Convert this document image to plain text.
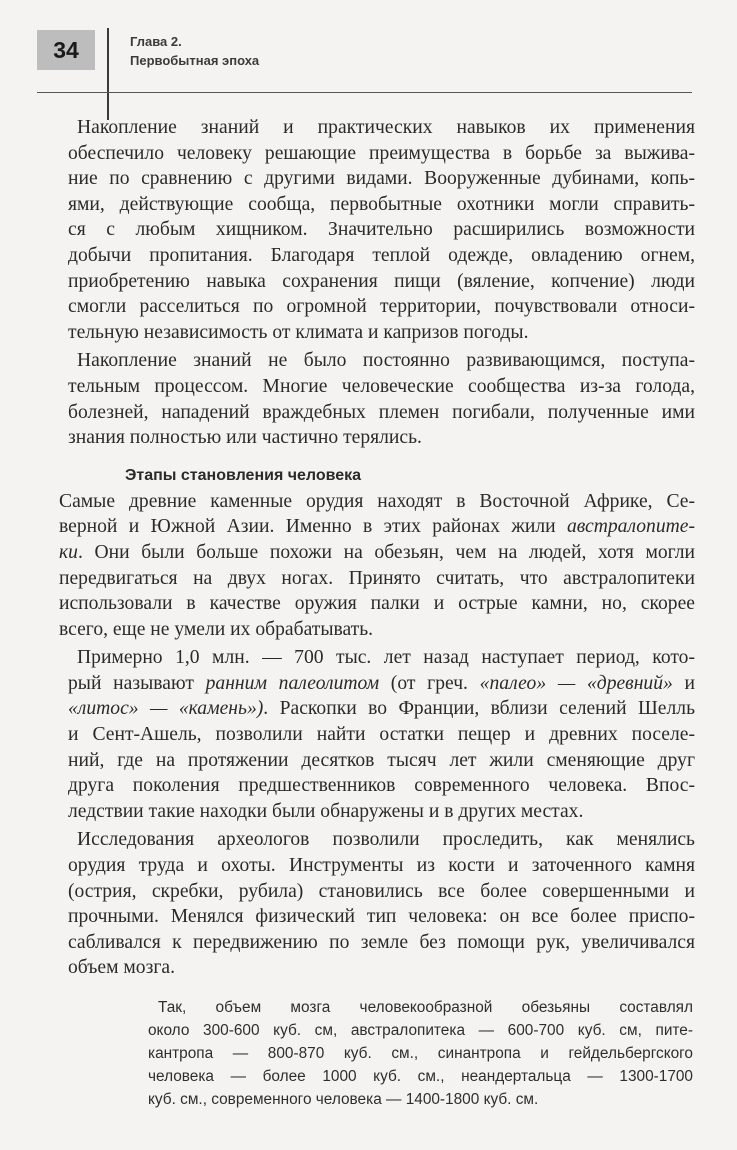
34	Глава 2.
Первобытная эпоха
Накопление знаний и практических навыков их применения
обеспечило человеку решающие преимущества в борьбе за выжива-
ние по сравнению с другими видами. Вооруженные дубинами, копь-
ями, действующие сообща, первобытные охотники могли справить-
ся с любым хищником. Значительно расширились возможности
добычи пропитания. Благодаря теплой одежде, овладению огнем,
приобретению навыка сохранения пищи (вяление, копчение) люди
смогли расселиться по огромной территории, почувствовали относи-
тельную независимость от климата и капризов погоды.
Накопление знаний не было постоянно развивающимся, поступа-
тельным процессом. Многие человеческие сообщества из-за голода,
болезней, нападений враждебных племен погибали, полученные ими
знания полностью или частично терялись.
Этапы становления человека
Самые древние каменные орудия находят в Восточной Африке, Се-
верной и Южной Азии. Именно в этих районах жили австралопите-
ки. Они были больше похожи на обезьян, чем на людей, хотя могли
передвигаться на двух ногах. Принято считать, что австралопитеки
использовали в качестве оружия палки и острые камни, но, скорее
всего, еще не умели их обрабатывать.
Примерно 1,0 млн. — 700 тыс. лет назад наступает период, кото-
рый называют ранним палеолитом (от греч. «палео» — «древний» и
«литос» — «камень»). Раскопки во Франции, вблизи селений Шелль
и Сент-Ашель, позволили найти остатки пещер и древних поселе-
ний, где на протяжении десятков тысяч лет жили сменяющие друг
друга поколения предшественников современного человека. Впос-
ледствии такие находки были обнаружены и в других местах.
Исследования археологов позволили проследить, как менялись
орудия труда и охоты. Инструменты из кости и заточенного камня
(острия, скребки, рубила) становились все более совершенными и
прочными. Менялся физический тип человека: он все более приспо-
сабливался к передвижению по земле без помощи рук, увеличивался
объем мозга.
Так, объем мозга человекообразной обезьяны составлял
около 300-600 куб. см, австралопитека — 600-700 куб. см, пите-
кантропа — 800-870 куб. см., синантропа и гейдельбергского
человека — более 1000 куб. см., неандертальца — 1300-1700
куб. см., современного человека — 1400-1800 куб. см.
